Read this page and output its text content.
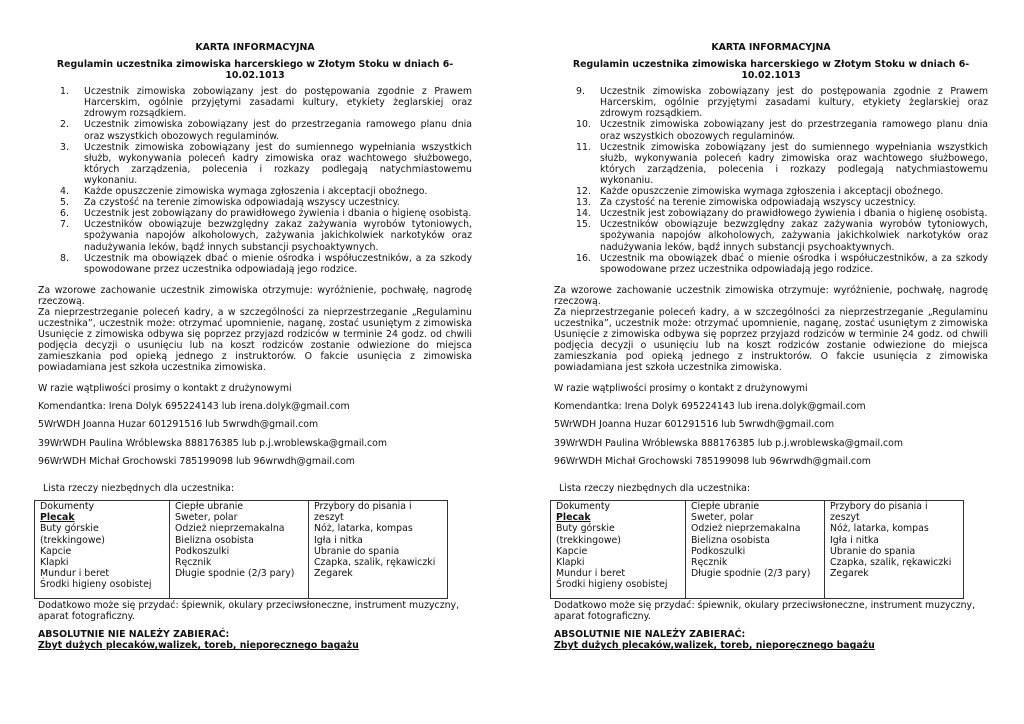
KARTA INFORMACYJNA
Regulamin uczestnika zimowiska harcerskiego w Złotym Stoku w dniach 6-10.02.1013
1. Uczestnik zimowiska zobowiązany jest do postępowania zgodnie z Prawem Harcerskim, ogólnie przyjętymi zasadami kultury, etykiety żeglarskiej oraz zdrowym rozsądkiem.
2. Uczestnik zimowiska zobowiązany jest do przestrzegania ramowego planu dnia oraz wszystkich obozowych regulaminów.
3. Uczestnik zimowiska zobowiązany jest do sumiennego wypełniania wszystkich służb, wykonywania poleceń kadry zimowiska oraz wachtowego służbowego, których zarządzenia, polecenia i rozkazy podlegają natychmiastowemu wykonaniu.
4. Każde opuszczenie zimowiska wymaga zgłoszenia i akceptacji oboźnego.
5. Za czystość na terenie zimowiska odpowiadają wszyscy uczestnicy.
6. Uczestnik jest zobowiązany do prawidłowego żywienia i dbania o higienę osobistą.
7. Uczestników obowiązuje bezwzględny zakaz zażywania wyrobów tytoniowych, spożywania napojów alkoholowych, zażywania jakichkolwiek narkotyków oraz nadużywania leków, bądź innych substancji psychoaktywnych.
8. Uczestnik ma obowiązek dbać o mienie ośrodka i współuczestników, a za szkody spowodowane przez uczestnika odpowiadają jego rodzice.
Za wzorowe zachowanie uczestnik zimowiska otrzymuje: wyróżnienie, pochwałę, nagrodę rzeczową.
Za nieprzestrzeganie poleceń kadry, a w szczególności za nieprzestrzeganie „Regulaminu uczestnika”, uczestnik może: otrzymać upomnienie, naganę, zostać usuniętym z zimowiska Usunięcie z zimowiska odbywa się poprzez przyjazd rodziców w terminie 24 godz. od chwili podjęcia decyzji o usunięciu lub na koszt rodziców zostanie odwiezione do miejsca zamieszkania pod opieką jednego z instruktorów. O fakcie usunięcia z zimowiska powiadamiana jest szkoła uczestnika zimowiska.
W razie wątpliwości prosimy o kontakt z drużynowymi
Komendantka: Irena Dolyk 695224143 lub irena.dolyk@gmail.com
5WrWDH Joanna Huzar 601291516 lub 5wrwdh@gmail.com
39WrWDH Paulina Wróblewska 888176385 lub p.j.wroblewska@gmail.com
96WrWDH Michał Grochowski 785199098 lub 96wrwdh@gmail.com
Lista rzeczy niezbędnych dla uczestnika:
Dokumenty
Plecak
Buty górskie (trekkingowe)
Kapcie
Klapki
Mundur i beret
Środki higieny osobistej

Ciepłe ubranie
Sweter, polar
Odzież nieprzemakalna
Bielizna osobista
Podkoszulki
Ręcznik
Długie spodnie (2/3 pary)

Przybory do pisania i zeszyt
Nóż, latarka, kompas
Igła i nitka
Ubranie do spania
Czapka, szalik, rękawiczki
Zegarek
Dodatkowo może się przydać: śpiewnik, okulary przeciwsłoneczne, instrument muzyczny, aparat fotograficzny.
ABSOLUTNIE NIE NALEŻY ZABIERAĆ:
Zbyt dużych plecaków,walizek, toreb, nieporęcznego bagażu
KARTA INFORMACYJNA
Regulamin uczestnika zimowiska harcerskiego w Złotym Stoku w dniach 6-10.02.1013
9. Uczestnik zimowiska zobowiązany jest do postępowania zgodnie z Prawem Harcerskim, ogólnie przyjętymi zasadami kultury, etykiety żeglarskiej oraz zdrowym rozsądkiem.
10. Uczestnik zimowiska zobowiązany jest do przestrzegania ramowego planu dnia oraz wszystkich obozowych regulaminów.
11. Uczestnik zimowiska zobowiązany jest do sumiennego wypełniania wszystkich służb, wykonywania poleceń kadry zimowiska oraz wachtowego służbowego, których zarządzenia, polecenia i rozkazy podlegają natychmiastowemu wykonaniu.
12. Każde opuszczenie zimowiska wymaga zgłoszenia i akceptacji oboźnego.
13. Za czystość na terenie zimowiska odpowiadają wszyscy uczestnicy.
14. Uczestnik jest zobowiązany do prawidłowego żywienia i dbania o higienę osobistą.
15. Uczestników obowiązuje bezwzględny zakaz zażywania wyrobów tytoniowych, spożywania napojów alkoholowych, zażywania jakichkolwiek narkotyków oraz nadużywania leków, bądź innych substancji psychoaktywnych.
16. Uczestnik ma obowiązek dbać o mienie ośrodka i współuczestników, a za szkody spowodowane przez uczestnika odpowiadają jego rodzice.
Za wzorowe zachowanie uczestnik zimowiska otrzymuje: wyróżnienie, pochwałę, nagrodę rzeczową.
Za nieprzestrzeganie poleceń kadry, a w szczególności za nieprzestrzeganie „Regulaminu uczestnika”, uczestnik może: otrzymać upomnienie, naganę, zostać usuniętym z zimowiska Usunięcie z zimowiska odbywa się poprzez przyjazd rodziców w terminie 24 godz. od chwili podjęcia decyzji o usunięciu lub na koszt rodziców zostanie odwiezione do miejsca zamieszkania pod opieką jednego z instruktorów. O fakcie usunięcia z zimowiska powiadamiana jest szkoła uczestnika zimowiska.
W razie wątpliwości prosimy o kontakt z drużynowymi
Komendantka: Irena Dolyk 695224143 lub irena.dolyk@gmail.com
5WrWDH Joanna Huzar 601291516 lub 5wrwdh@gmail.com
39WrWDH Paulina Wróblewska 888176385 lub p.j.wroblewska@gmail.com
96WrWDH Michał Grochowski 785199098 lub 96wrwdh@gmail.com
Lista rzeczy niezbędnych dla uczestnika:
Dokumenty
Plecak
Buty górskie (trekkingowe)
Kapcie
Klapki
Mundur i beret
Środki higieny osobistej

Ciepłe ubranie
Sweter, polar
Odzież nieprzemakalna
Bielizna osobista
Podkoszulki
Ręcznik
Długie spodnie (2/3 pary)

Przybory do pisania i zeszyt
Nóż, latarka, kompas
Igła i nitka
Ubranie do spania
Czapka, szalik, rękawiczki
Zegarek
Dodatkowo może się przydać: śpiewnik, okulary przeciwsłoneczne, instrument muzyczny, aparat fotograficzny.
ABSOLUTNIE NIE NALEŻY ZABIERAĆ:
Zbyt dużych plecaków,walizek, toreb, nieporęcznego bagażu
